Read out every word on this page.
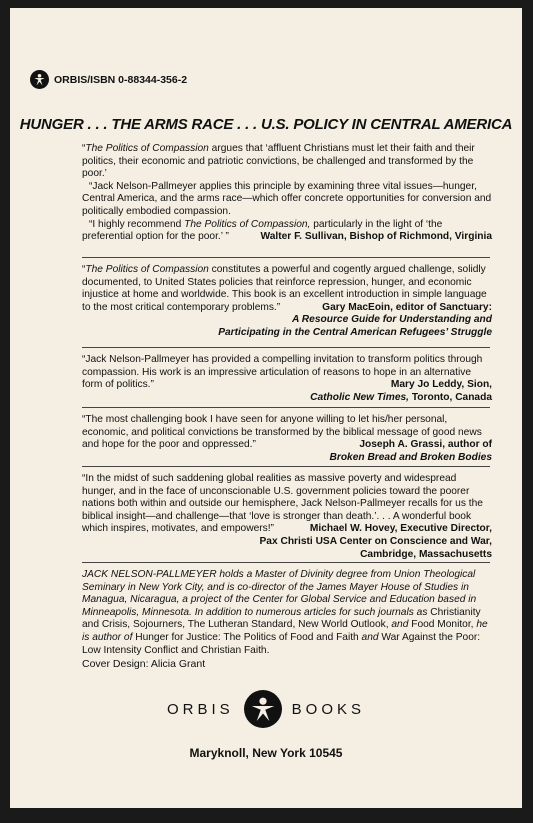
ORBIS/ISBN 0-88344-356-2
HUNGER . . . THE ARMS RACE . . . U.S. POLICY IN CENTRAL AMERICA

“The Politics of Compassion argues that ‘affluent Christians must let their faith and their politics, their economic and patriotic convictions, be challenged and transformed by the poor.’

“Jack Nelson-Pallmeyer applies this principle by examining three vital issues—hunger, Central America, and the arms race—which offer concrete opportunities for conversion and politically embodied compassion.

“I highly recommend The Politics of Compassion, particularly in the light of ‘the preferential option for the poor.’ ”	Walter F. Sullivan, Bishop of Richmond, Virginia

“The Politics of Compassion constitutes a powerful and cogently argued challenge, solidly documented, to United States policies that reinforce repression, hunger, and economic injustice at home and worldwide. This book is an excellent introduction in simple language to the most critical contemporary problems.”	Gary MacEoin, editor of Sanctuary:

A Resource Guide for Understanding and

Participating in the Central American Refugees’ Struggle

“Jack Nelson-Pallmeyer has provided a compelling invitation to transform politics through compassion. His work is an impressive articulation of reasons to hope in an alternative form of politics.”	Mary Jo Leddy, Sion,

Catholic New Times, Toronto, Canada

“The most challenging book I have seen for anyone willing to let his/her personal, economic, and political convictions be transformed by the biblical message of good news and hope for the poor and oppressed.”	Joseph A. Grassi, author of

Broken Bread and Broken Bodies

“In the midst of such saddening global realities as massive poverty and widespread hunger, and in the face of unconscionable U.S. government policies toward the poorer nations both within and outside our hemisphere, Jack Nelson-Pallmeyer recalls for us the biblical insight—and challenge—that ‘love is stronger than death.’. . . A wonderful book which inspires, motivates, and empowers!”	Michael W. Hovey, Executive Director,

Pax Christi USA Center on Conscience and War,

Cambridge, Massachusetts

JACK NELSON-PALLMEYER holds a Master of Divinity degree from Union Theological Seminary in New York City, and is co-director of the James Mayer House of Studies in Managua, Nicaragua, a project of the Center for Global Service and Education based in Minneapolis, Minnesota. In addition to numerous articles for such journals as Christianity and Crisis, Sojourners, The Lutheran Standard, New World Outlook, and Food Monitor, he is author of Hunger for Justice: The Politics of Food and Faith and War Against the Poor: Low Intensity Conflict and Christian Faith.

Cover Design: Alicia Grant
ORBIS	BOOKS
Maryknoll, New York 10545
